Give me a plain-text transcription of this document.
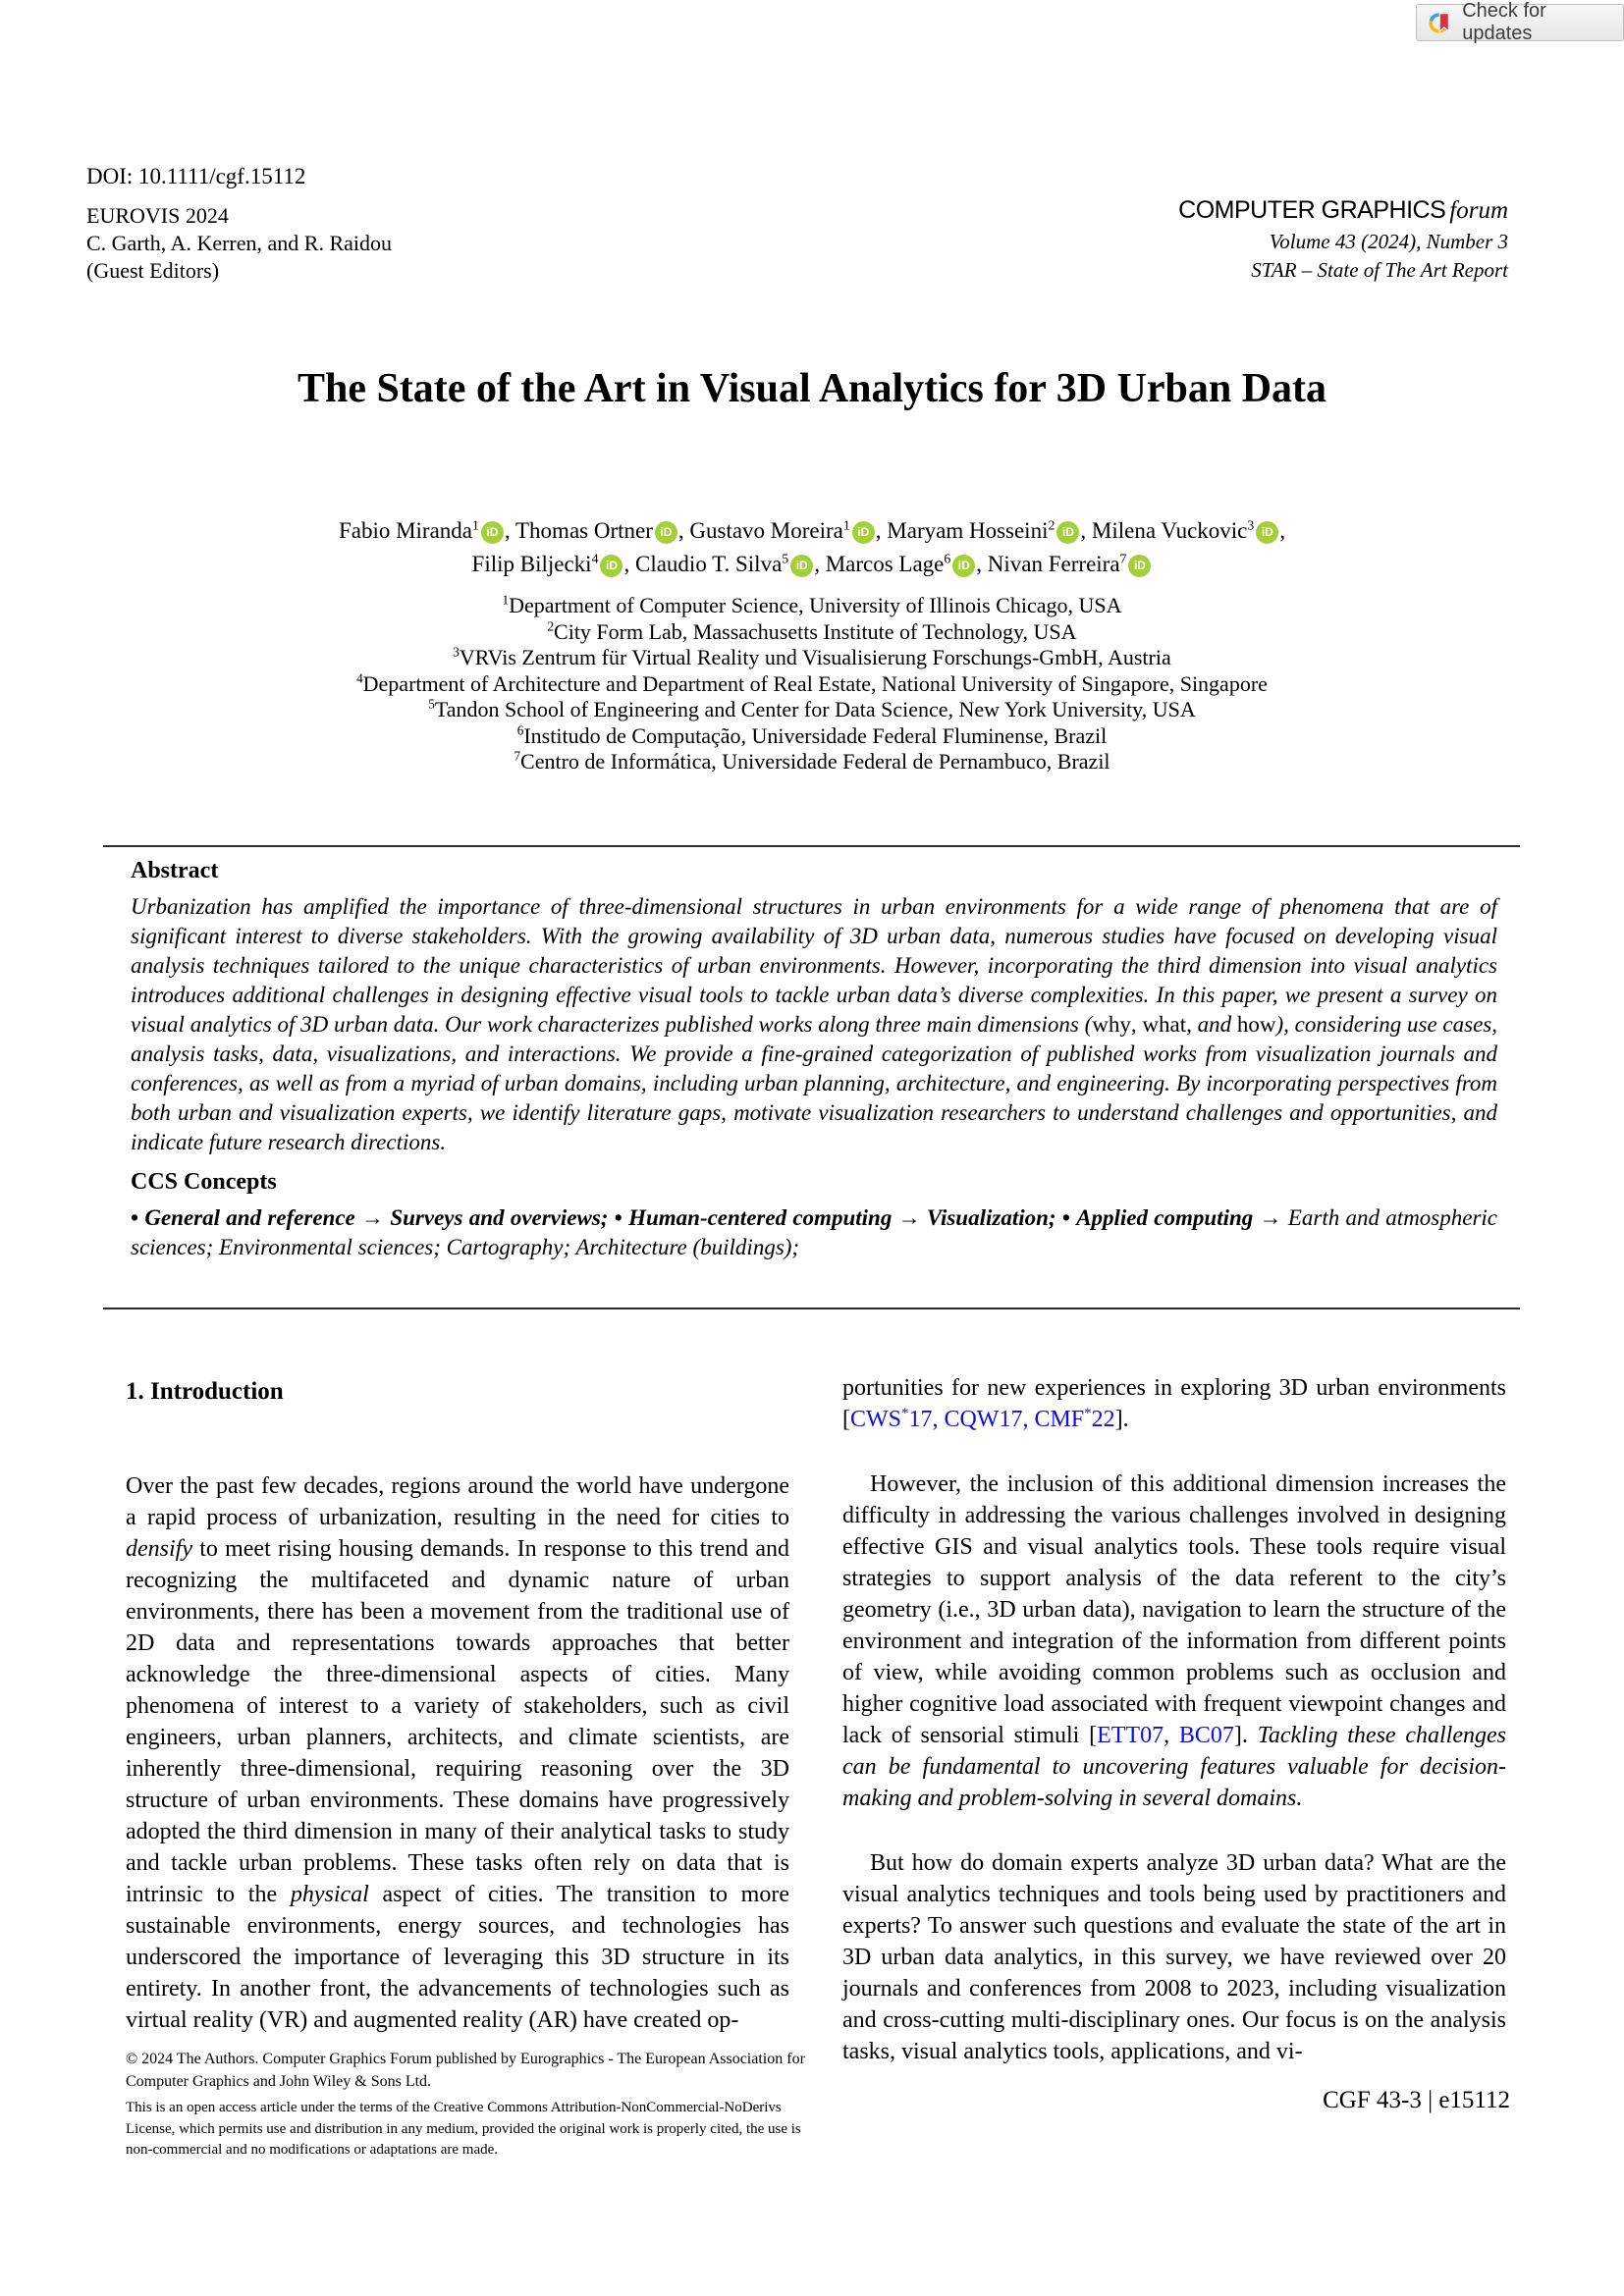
Check for updates
DOI: 10.1111/cgf.15112
EUROVIS 2024
C. Garth, A. Kerren, and R. Raidou
(Guest Editors)
COMPUTER GRAPHICS forum
Volume 43 (2024), Number 3
STAR – State of The Art Report
The State of the Art in Visual Analytics for 3D Urban Data
Fabio Miranda$^1$ iD , Thomas Ortner iD , Gustavo Moreira$^1$ iD , Maryam Hosseini$^2$ iD , Milena Vuckovic$^3$ iD ,
Filip Biljecki$^4$ iD , Claudio T. Silva$^5$ iD , Marcos Lage$^6$ iD , Nivan Ferreira$^7$ iD
$^1$Department of Computer Science, University of Illinois Chicago, USA
$^2$City Form Lab, Massachusetts Institute of Technology, USA
$^3$VRVis Zentrum für Virtual Reality und Visualisierung Forschungs-GmbH, Austria
$^4$Department of Architecture and Department of Real Estate, National University of Singapore, Singapore
$^5$Tandon School of Engineering and Center for Data Science, New York University, USA
$^6$Institudo de Computação, Universidade Federal Fluminense, Brazil
$^7$Centro de Informática, Universidade Federal de Pernambuco, Brazil
Abstract

Urbanization has amplified the importance of three-dimensional structures in urban environments for a wide range of phenomena that are of significant interest to diverse stakeholders. With the growing availability of 3D urban data, numerous studies have focused on developing visual analysis techniques tailored to the unique characteristics of urban environments. However, incorporating the third dimension into visual analytics introduces additional challenges in designing effective visual tools to tackle urban data’s diverse complexities. In this paper, we present a survey on visual analytics of 3D urban data. Our work characterizes published works along three main dimensions (why, what, and how), considering use cases, analysis tasks, data, visualizations, and interactions. We provide a fine-grained categorization of published works from visualization journals and conferences, as well as from a myriad of urban domains, including urban planning, architecture, and engineering. By incorporating perspectives from both urban and visualization experts, we identify literature gaps, motivate visualization researchers to understand challenges and opportunities, and indicate future research directions.

CCS Concepts

• General and reference → Surveys and overviews; • Human-centered computing → Visualization; • Applied computing → Earth and atmospheric sciences; Environmental sciences; Cartography; Architecture (buildings);

1. Introduction

Over the past few decades, regions around the world have undergone a rapid process of urbanization, resulting in the need for cities to densify to meet rising housing demands. In response to this trend and recognizing the multifaceted and dynamic nature of urban environments, there has been a movement from the traditional use of 2D data and representations towards approaches that better acknowledge the three-dimensional aspects of cities. Many phenomena of interest to a variety of stakeholders, such as civil engineers, urban planners, architects, and climate scientists, are inherently three-dimensional, requiring reasoning over the 3D structure of urban environments. These domains have progressively adopted the third dimension in many of their analytical tasks to study and tackle urban problems. These tasks often rely on data that is intrinsic to the physical aspect of cities. The transition to more sustainable environments, energy sources, and technologies has underscored the importance of leveraging this 3D structure in its entirety. In another front, the advancements of technologies such as virtual reality (VR) and augmented reality (AR) have created op-

portunities for new experiences in exploring 3D urban environments [CWS*17, CQW17, CMF*22].

However, the inclusion of this additional dimension increases the difficulty in addressing the various challenges involved in designing effective GIS and visual analytics tools. These tools require visual strategies to support analysis of the data referent to the city’s geometry (i.e., 3D urban data), navigation to learn the structure of the environment and integration of the information from different points of view, while avoiding common problems such as occlusion and higher cognitive load associated with frequent viewpoint changes and lack of sensorial stimuli [ETT07, BC07]. Tackling these challenges can be fundamental to uncovering features valuable for decision-making and problem-solving in several domains.

But how do domain experts analyze 3D urban data? What are the visual analytics techniques and tools being used by practitioners and experts? To answer such questions and evaluate the state of the art in 3D urban data analytics, in this survey, we have reviewed over 20 journals and conferences from 2008 to 2023, including visualization and cross-cutting multi-disciplinary ones. Our focus is on the analysis tasks, visual analytics tools, applications, and vi-

© 2024 The Authors. Computer Graphics Forum published by Eurographics - The European Association for Computer Graphics and John Wiley & Sons Ltd.

This is an open access article under the terms of the Creative Commons Attribution-NonCommercial-NoDerivs License, which permits use and distribution in any medium, provided the original work is properly cited, the use is non-commercial and no modifications or adaptations are made.

CGF 43-3 | e15112
